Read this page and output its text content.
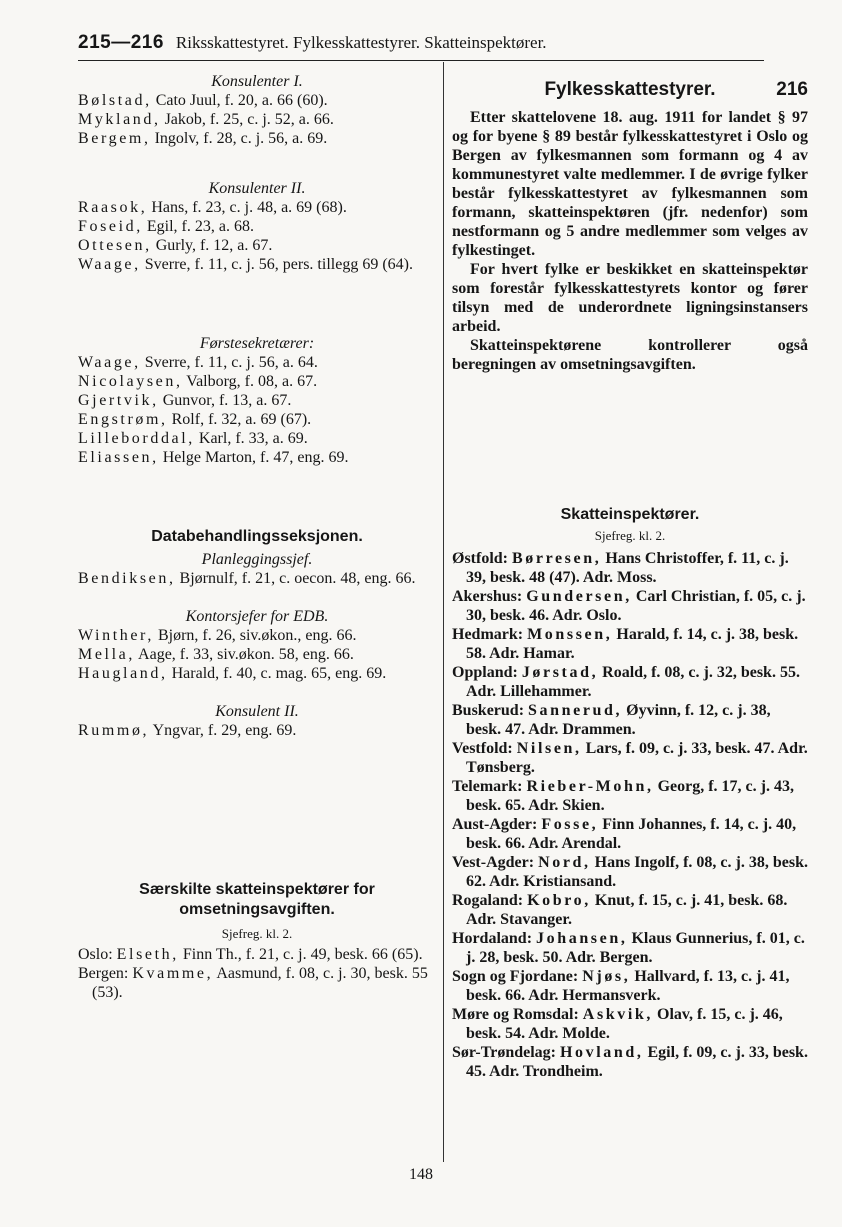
215—216 Riksskattestyret. Fylkesskattestyrer. Skatteinspektører.
Konsulenter I.
Bølstad, Cato Juul, f. 20, a. 66 (60).
Mykland, Jakob, f. 25, c. j. 52, a. 66.
Bergem, Ingolv, f. 28, c. j. 56, a. 69.
Konsulenter II.
Raasok, Hans, f. 23, c. j. 48, a. 69 (68).
Foseid, Egil, f. 23, a. 68.
Ottesen, Gurly, f. 12, a. 67.
Waage, Sverre, f. 11, c. j. 56, pers. tillegg 69 (64).
Førstesekretærer:
Waage, Sverre, f. 11, c. j. 56, a. 64.
Nicolaysen, Valborg, f. 08, a. 67.
Gjertvik, Gunvor, f. 13, a. 67.
Engstrøm, Rolf, f. 32, a. 69 (67).
Lilleborddal, Karl, f. 33, a. 69.
Eliassen, Helge Marton, f. 47, eng. 69.
Databehandlingsseksjonen.
Planleggingssjef.
Bendiksen, Bjørnulf, f. 21, c. oecon. 48, eng. 66.
Kontorsjefer for EDB.
Winther, Bjørn, f. 26, siv.økon., eng. 66.
Mella, Aage, f. 33, siv.økon. 58, eng. 66.
Haugland, Harald, f. 40, c. mag. 65, eng. 69.
Konsulent II.
Rummø, Yngvar, f. 29, eng. 69.
Særskilte skatteinspektører for omsetningsavgiften.
Sjefreg. kl. 2.
Oslo: Elseth, Finn Th., f. 21, c. j. 49, besk. 66 (65).
Bergen: Kvamme, Aasmund, f. 08, c. j. 30, besk. 55 (53).
Fylkesskattestyrer.	216
Etter skattelovene 18. aug. 1911 for landet § 97 og for byene § 89 består fylkesskattestyret i Oslo og Bergen av fylkesmannen som formann og 4 av kommunestyret valte medlemmer. I de øvrige fylker består fylkesskattestyret av fylkesmannen som formann, skatteinspektøren (jfr. nedenfor) som nestformann og 5 andre medlemmer som velges av fylkestinget.
For hvert fylke er beskikket en skatteinspektør som forestår fylkesskattestyrets kontor og fører tilsyn med de underordnete ligningsinstansers arbeid.
Skatteinspektørene kontrollerer også beregningen av omsetningsavgiften.
Skatteinspektører.
Sjefreg. kl. 2.
Østfold: Børresen, Hans Christoffer, f. 11, c. j. 39, besk. 48 (47). Adr. Moss.
Akershus: Gundersen, Carl Christian, f. 05, c. j. 30, besk. 46. Adr. Oslo.
Hedmark: Monssen, Harald, f. 14, c. j. 38, besk. 58. Adr. Hamar.
Oppland: Jørstad, Roald, f. 08, c. j. 32, besk. 55. Adr. Lillehammer.
Buskerud: Sannerud, Øyvinn, f. 12, c. j. 38, besk. 47. Adr. Drammen.
Vestfold: Nilsen, Lars, f. 09, c. j. 33, besk. 47. Adr. Tønsberg.
Telemark: Rieber-Mohn, Georg, f. 17, c. j. 43, besk. 65. Adr. Skien.
Aust-Agder: Fosse, Finn Johannes, f. 14, c. j. 40, besk. 66. Adr. Arendal.
Vest-Agder: Nord, Hans Ingolf, f. 08, c. j. 38, besk. 62. Adr. Kristiansand.
Rogaland: Kobro, Knut, f. 15, c. j. 41, besk. 68. Adr. Stavanger.
Hordaland: Johansen, Klaus Gunnerius, f. 01, c. j. 28, besk. 50. Adr. Bergen.
Sogn og Fjordane: Njøs, Hallvard, f. 13, c. j. 41, besk. 66. Adr. Hermansverk.
Møre og Romsdal: Askvik, Olav, f. 15, c. j. 46, besk. 54. Adr. Molde.
Sør-Trøndelag: Hovland, Egil, f. 09, c. j. 33, besk. 45. Adr. Trondheim.
148
